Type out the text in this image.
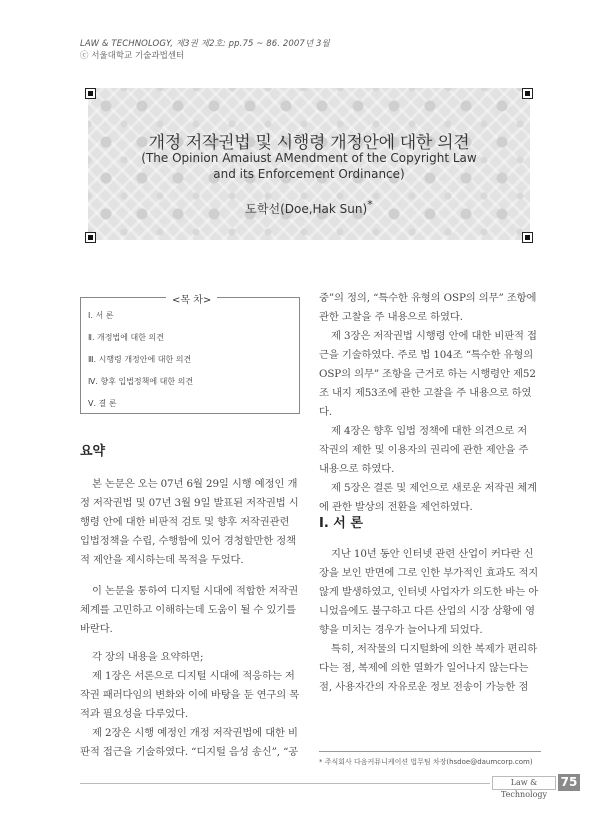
LAW & TECHNOLOGY, 제3권 제2호: pp.75 ~ 86. 2007년 3월
ⓒ 서울대학교 기술과법센터
개정 저작권법 및 시행령 개정안에 대한 의견
(The Opinion Amaiust AMendment of the Copyright Law
and its Enforcement Ordinance)
도학선(Doe,Hak Sun)*
<목 차>
Ⅰ. 서 론
Ⅱ. 개정법에 대한 의견
Ⅲ. 시행령 개정안에 대한 의견
Ⅳ. 향후 입법정책에 대한 의견
Ⅴ. 결 론
요약

본 논문은 오는 07년 6월 29일 시행 예정인 개

정 저작권법 및 07년 3월 9일 발표된 저작권법 시

행령 안에 대한 비판적 검토 및 향후 저작권관련

입법정책을 수립, 수행함에 있어 경청할만한 정책

적 제안을 제시하는데 목적을 두었다.

이 논문을 통하여 디지털 시대에 적합한 저작권

체계를 고민하고 이해하는데 도움이 될 수 있기를

바란다.

각 장의 내용을 요약하면;

제 1장은 서론으로 디지털 시대에 적응하는 저

작권 패러다임의 변화와 이에 바탕을 둔 연구의 목

적과 필요성을 다루었다.

제 2장은 시행 예정인 개정 저작권법에 대한 비

판적 접근을 기술하였다. “디지털 음성 송신”, “공

중”의 정의, “특수한 유형의 OSP의 의무” 조항에

관한 고찰을 주 내용으로 하였다.

제 3장은 저작권법 시행령 안에 대한 비판적 접

근을 기술하였다. 주로 법 104조 “특수한 유형의

OSP의 의무” 조항을 근거로 하는 시행령안 제52

조 내지 제53조에 관한 고찰을 주 내용으로 하였

다.

제 4장은 향후 입법 정책에 대한 의견으로 저

작권의 제한 및 이용자의 권리에 관한 제안을 주

내용으로 하였다.

제 5장은 결론 및 제언으로 새로운 저작권 체계

에 관한 발상의 전환을 제언하였다.

Ⅰ. 서 론

지난 10년 동안 인터넷 관련 산업이 커다란 신

장을 보인 반면에 그로 인한 부가적인 효과도 적지

않게 발생하였고, 인터넷 사업자가 의도한 바는 아

니었음에도 불구하고 다른 산업의 시장 상황에 영

향을 미치는 경우가 늘어나게 되었다.

특히, 저작물의 디지털화에 의한 복제가 편리하

다는 점, 복제에 의한 열화가 일어나지 않는다는

점, 사용자간의 자유로운 정보 전송이 가능한 점

* 주식회사 다음커뮤니케이션 법무팀 차장(hsdoe@daumcorp.com)
Law & Technology
75
